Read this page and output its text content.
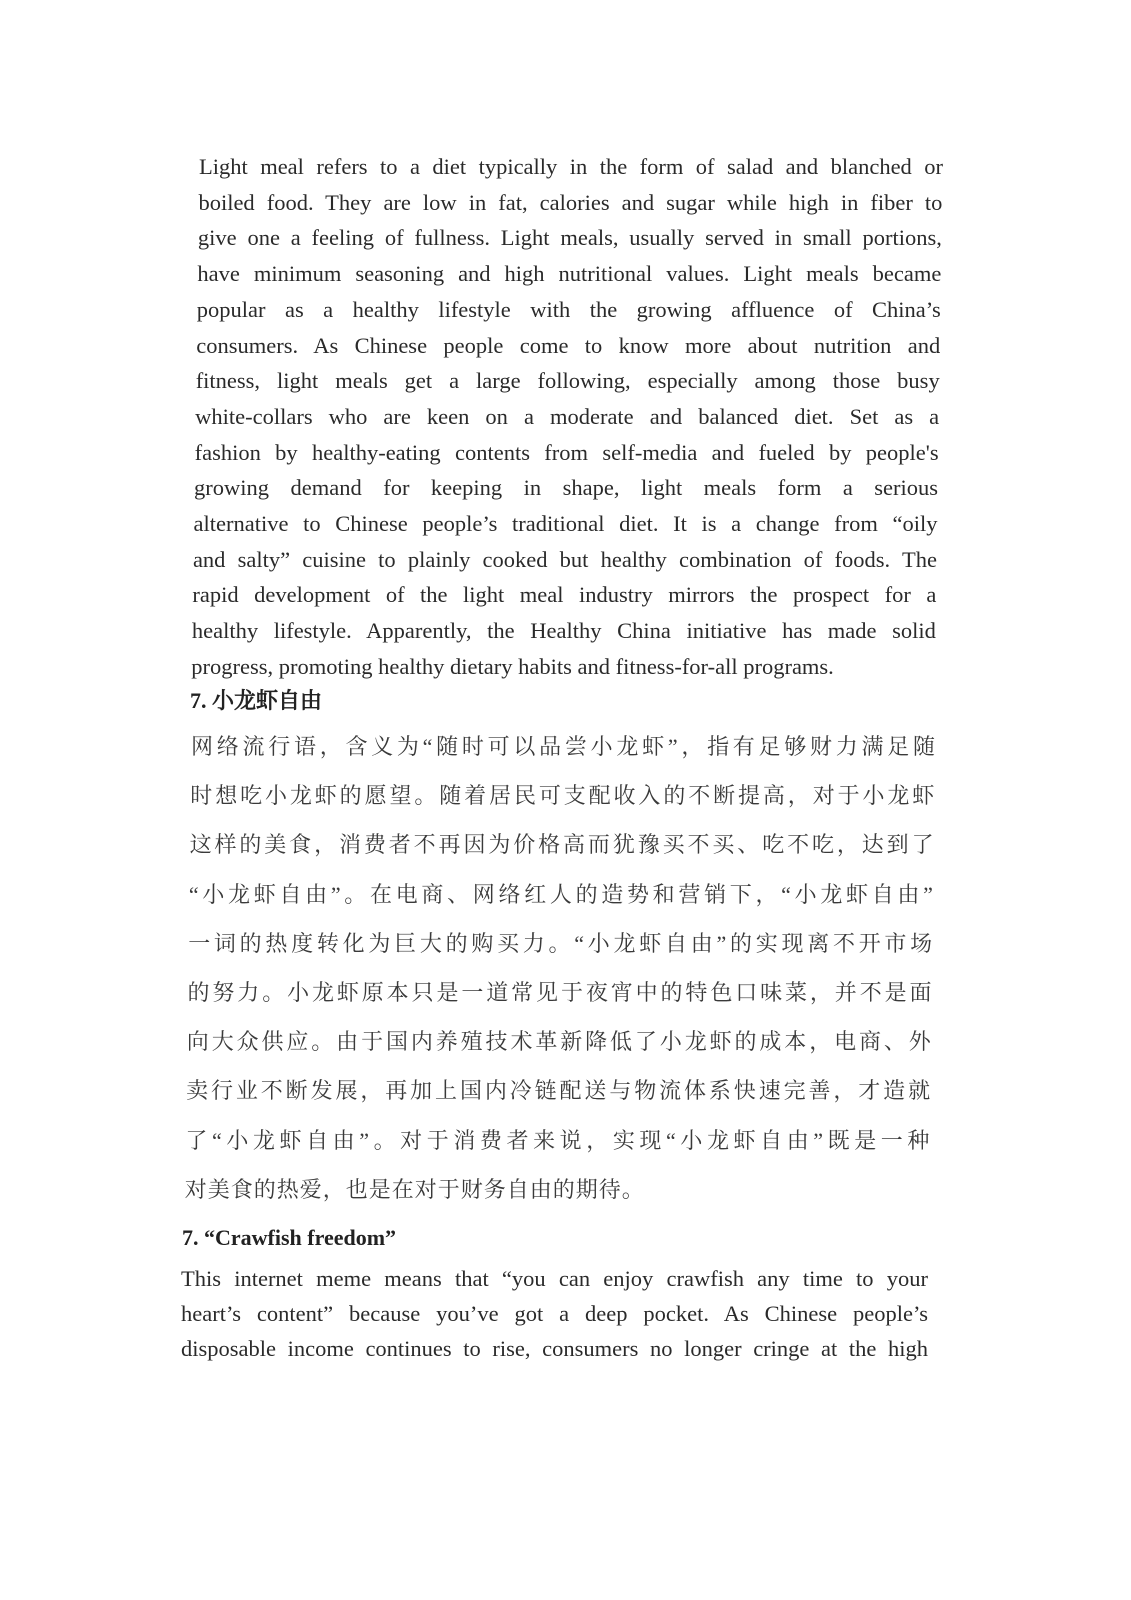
Light meal refers to a diet typically in the form of salad and blanched or
boiled food. They are low in fat, calories and sugar while high in fiber to
give one a feeling of fullness. Light meals, usually served in small portions,
have minimum seasoning and high nutritional values. Light meals became
popular as a healthy lifestyle with the growing affluence of China’s
consumers. As Chinese people come to know more about nutrition and
fitness, light meals get a large following, especially among those busy
white-collars who are keen on a moderate and balanced diet. Set as a
fashion by healthy-eating contents from self-media and fueled by people's
growing demand for keeping in shape, light meals form a serious
alternative to Chinese people’s traditional diet. It is a change from “oily
and salty” cuisine to plainly cooked but healthy combination of foods. The
rapid development of the light meal industry mirrors the prospect for a
healthy lifestyle. Apparently, the Healthy China initiative has made solid
progress, promoting healthy dietary habits and fitness-for-all programs.
7. 小龙虾自由
网络流行语，含义为“随时可以品尝小龙虾”，指有足够财力满足随
时想吃小龙虾的愿望。随着居民可支配收入的不断提高，对于小龙虾
这样的美食，消费者不再因为价格高而犹豫买不买、吃不吃，达到了
“小龙虾自由”。在电商、网络红人的造势和营销下，“小龙虾自由”
一词的热度转化为巨大的购买力。“小龙虾自由”的实现离不开市场
的努力。小龙虾原本只是一道常见于夜宵中的特色口味菜，并不是面
向大众供应。由于国内养殖技术革新降低了小龙虾的成本，电商、外
卖行业不断发展，再加上国内冷链配送与物流体系快速完善，才造就
了“小龙虾自由”。对于消费者来说，实现“小龙虾自由”既是一种
对美食的热爱，也是在对于财务自由的期待。
7. “Crawfish freedom”
This internet meme means that “you can enjoy crawfish any time to your
heart’s content” because you’ve got a deep pocket. As Chinese people’s
disposable income continues to rise, consumers no longer cringe at the high
